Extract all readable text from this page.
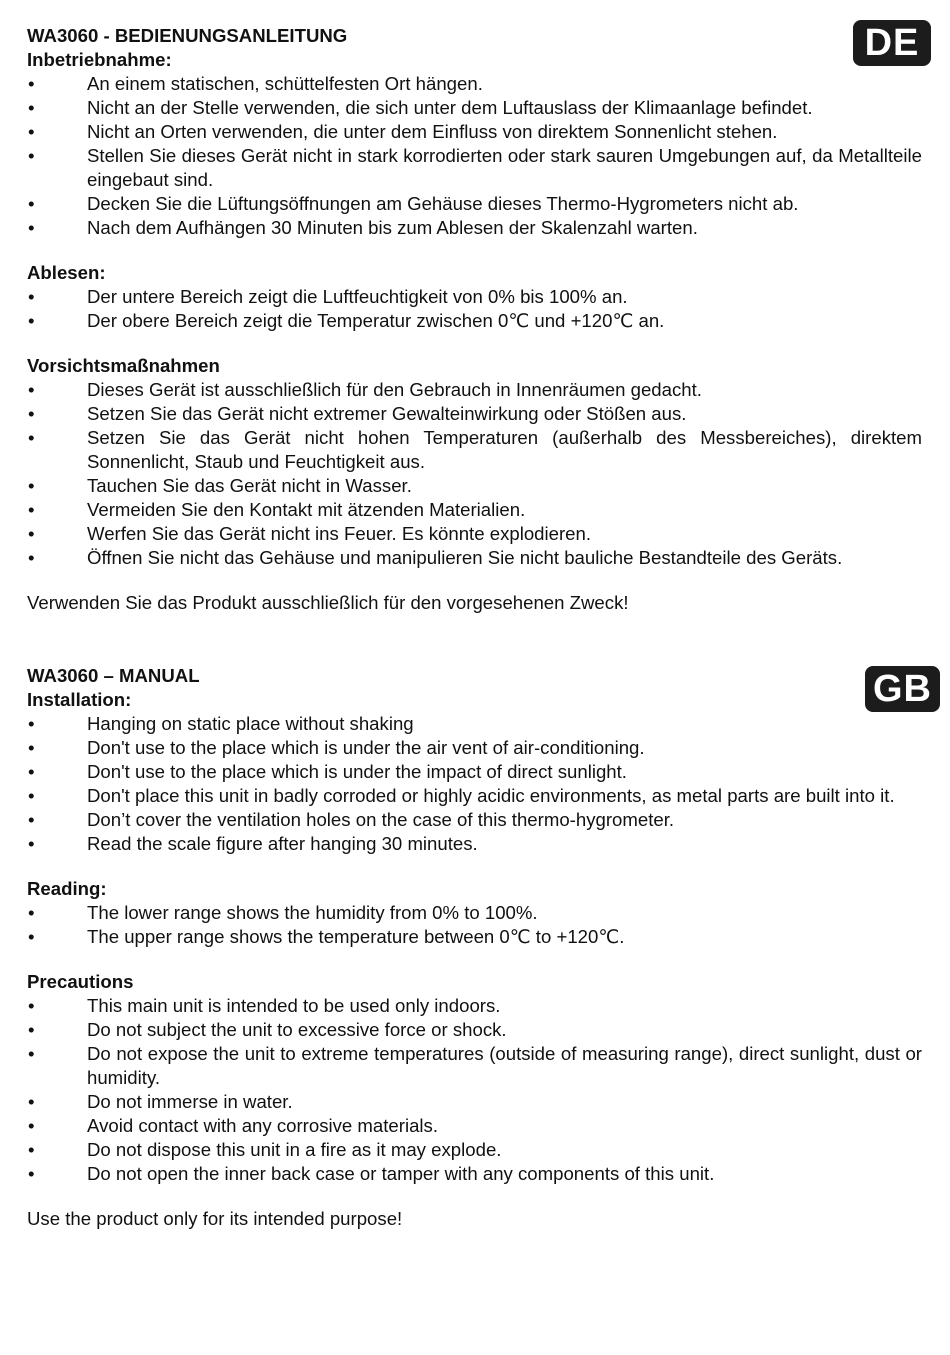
DE

WA3060 - BEDIENUNGSANLEITUNG

Inbetriebnahme:

•	An einem statischen, schüttelfesten Ort hängen.
•	Nicht an der Stelle verwenden, die sich unter dem Luftauslass der Klimaanlage befindet.
•	Nicht an Orten verwenden, die unter dem Einfluss von direktem Sonnenlicht stehen.
•	Stellen Sie dieses Gerät nicht in stark korrodierten oder stark sauren Umgebungen auf, da Metallteile eingebaut sind.
•	Decken Sie die Lüftungsöffnungen am Gehäuse dieses Thermo-Hygrometers nicht ab.
•	Nach dem Aufhängen 30 Minuten bis zum Ablesen der Skalenzahl warten.

Ablesen:

•	Der untere Bereich zeigt die Luftfeuchtigkeit von 0% bis 100% an.
•	Der obere Bereich zeigt die Temperatur zwischen 0℃ und +120℃ an.

Vorsichtsmaßnahmen

•	Dieses Gerät ist ausschließlich für den Gebrauch in Innenräumen gedacht.
•	Setzen Sie das Gerät nicht extremer Gewalteinwirkung oder Stößen aus.
•	Setzen Sie das Gerät nicht hohen Temperaturen (außerhalb des Messbereiches), direktem Sonnenlicht, Staub und Feuchtigkeit aus.
•	Tauchen Sie das Gerät nicht in Wasser.
•	Vermeiden Sie den Kontakt mit ätzenden Materialien.
•	Werfen Sie das Gerät nicht ins Feuer. Es könnte explodieren.
•	Öffnen Sie nicht das Gehäuse und manipulieren Sie nicht bauliche Bestandteile des Geräts.

Verwenden Sie das Produkt ausschließlich für den vorgesehenen Zweck!

GB

WA3060 – MANUAL

Installation:

•	Hanging on static place without shaking
•	Don't use to the place which is under the air vent of air-conditioning.
•	Don't use to the place which is under the impact of direct sunlight.
•	Don't place this unit in badly corroded or highly acidic environments, as metal parts are built into it.
•	Don’t cover the ventilation holes on the case of this thermo-hygrometer.
•	Read the scale figure after hanging 30 minutes.

Reading:

•	The lower range shows the humidity from 0% to 100%.
•	The upper range shows the temperature between 0℃ to +120℃.

Precautions

•	This main unit is intended to be used only indoors.
•	Do not subject the unit to excessive force or shock.
•	Do not expose the unit to extreme temperatures (outside of measuring range), direct sunlight, dust or humidity.
•	Do not immerse in water.
•	Avoid contact with any corrosive materials.
•	Do not dispose this unit in a fire as it may explode.
•	Do not open the inner back case or tamper with any components of this unit.

Use the product only for its intended purpose!
